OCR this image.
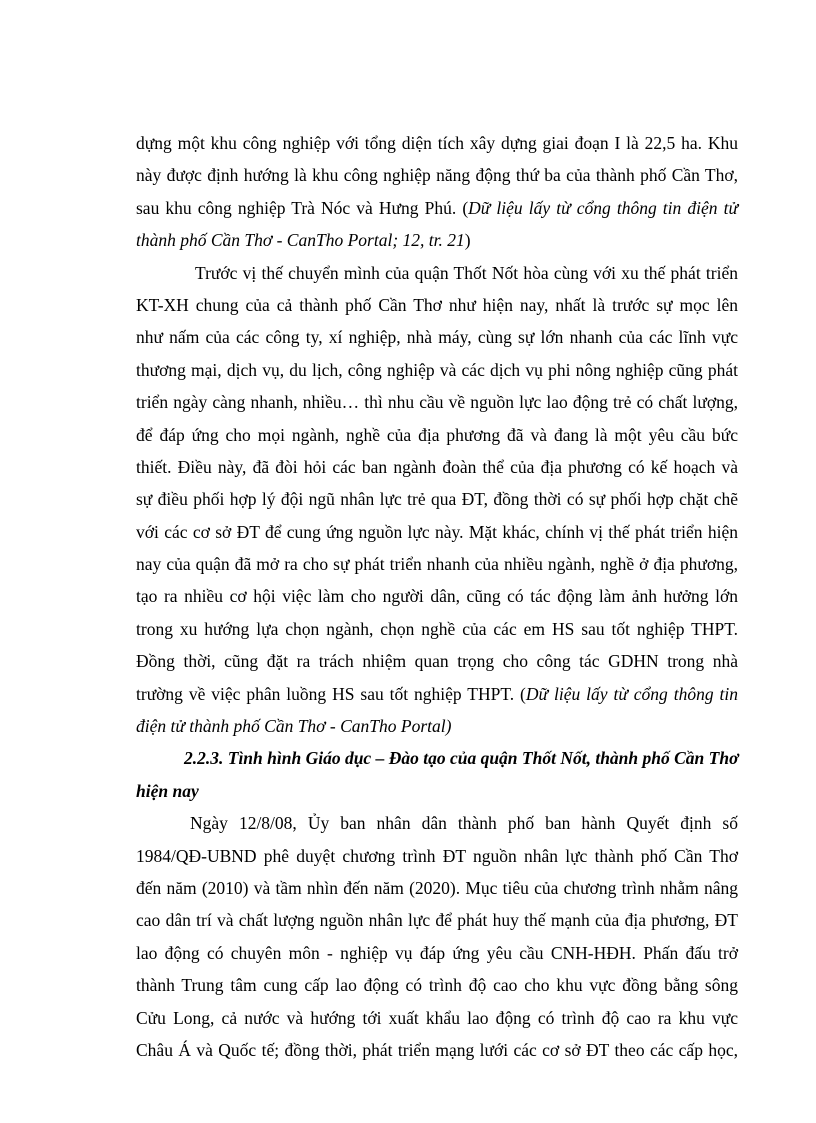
dựng một khu công nghiệp với tổng diện tích xây dựng giai đoạn I là 22,5 ha. Khu
này được định hướng là khu công nghiệp năng động thứ ba của thành phố Cần Thơ,
sau khu công nghiệp Trà Nóc và Hưng Phú. (Dữ liệu lấy từ cổng thông tin điện tử
thành phố Cần Thơ - CanTho Portal; 12, tr. 21)
Trước vị thế chuyển mình của quận Thốt Nốt hòa cùng với xu thế phát triển
KT-XH chung của cả thành phố Cần Thơ như hiện nay, nhất là trước sự mọc lên
như nấm của các công ty, xí nghiệp, nhà máy, cùng sự lớn nhanh của các lĩnh vực
thương mại, dịch vụ, du lịch, công nghiệp và các dịch vụ phi nông nghiệp cũng phát
triển ngày càng nhanh, nhiều… thì nhu cầu về nguồn lực lao động trẻ có chất lượng,
để đáp ứng cho mọi ngành, nghề của địa phương đã và đang là một yêu cầu bức
thiết. Điều này, đã đòi hỏi các ban ngành đoàn thể của địa phương có kế hoạch và
sự điều phối hợp lý đội ngũ nhân lực trẻ qua ĐT, đồng thời có sự phối hợp chặt chẽ
với các cơ sở ĐT để cung ứng nguồn lực này. Mặt khác, chính vị thế phát triển hiện
nay của quận đã mở ra cho sự phát triển nhanh của nhiều ngành, nghề ở địa phương,
tạo ra nhiều cơ hội việc làm cho người dân, cũng có tác động làm ảnh hưởng lớn
trong xu hướng lựa chọn ngành, chọn nghề của các em HS sau tốt nghiệp THPT.
Đồng thời, cũng đặt ra trách nhiệm quan trọng cho công tác GDHN trong nhà
trường về việc phân luồng HS sau tốt nghiệp THPT. (Dữ liệu lấy từ cổng thông tin
điện tử thành phố Cần Thơ - CanTho Portal)
2.2.3. Tình hình Giáo dục – Đào tạo của quận Thốt Nốt, thành phố Cần Thơ
hiện nay
Ngày 12/8/08, Ủy ban nhân dân thành phố ban hành Quyết định số
1984/QĐ-UBND phê duyệt chương trình ĐT nguồn nhân lực thành phố Cần Thơ
đến năm (2010) và tầm nhìn đến năm (2020). Mục tiêu của chương trình nhằm nâng
cao dân trí và chất lượng nguồn nhân lực để phát huy thế mạnh của địa phương, ĐT
lao động có chuyên môn - nghiệp vụ đáp ứng yêu cầu CNH-HĐH. Phấn đấu trở
thành Trung tâm cung cấp lao động có trình độ cao cho khu vực đồng bằng sông
Cửu Long, cả nước và hướng tới xuất khẩu lao động có trình độ cao ra khu vực
Châu Á và Quốc tế; đồng thời, phát triển mạng lưới các cơ sở ĐT theo các cấp học,
